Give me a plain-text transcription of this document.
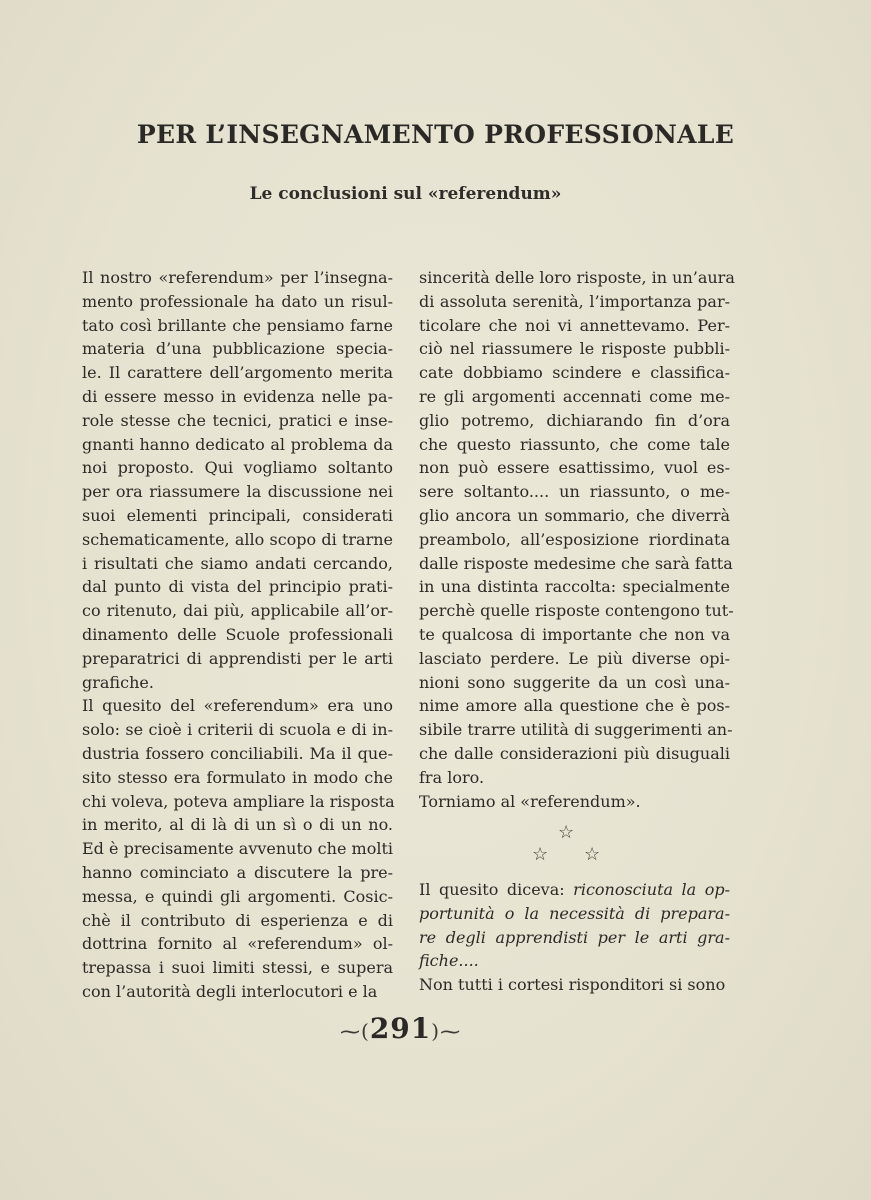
PER L’INSEGNAMENTO PROFESSIONALE
Le conclusioni sul «referendum»
Il nostro «referendum» per l’insegna-
mento professionale ha dato un risul-
tato così brillante che pensiamo farne
materia d’una pubblicazione specia-
le. Il carattere dell’argomento merita
di essere messo in evidenza nelle pa-
role stesse che tecnici, pratici e inse-
gnanti hanno dedicato al problema da
noi proposto. Qui vogliamo soltanto
per ora riassumere la discussione nei
suoi elementi principali, considerati
schematicamente, allo scopo di trarne
i risultati che siamo andati cercando,
dal punto di vista del principio prati-
co ritenuto, dai più, applicabile all’or-
dinamento delle Scuole professionali
preparatrici di apprendisti per le arti
grafiche.
Il quesito del «referendum» era uno
solo: se cioè i criterii di scuola e di in-
dustria fossero conciliabili. Ma il que-
sito stesso era formulato in modo che
chi voleva, poteva ampliare la risposta
in merito, al di là di un sì o di un no.
Ed è precisamente avvenuto che molti
hanno cominciato a discutere la pre-
messa, e quindi gli argomenti. Cosic-
chè il contributo di esperienza e di
dottrina fornito al «referendum» ol-
trepassa i suoi limiti stessi, e supera
con l’autorità degli interlocutori e la
sincerità delle loro risposte, in un’aura
di assoluta serenità, l’importanza par-
ticolare che noi vi annettevamo. Per-
ciò nel riassumere le risposte pubbli-
cate dobbiamo scindere e classifica-
re gli argomenti accennati come me-
glio potremo, dichiarando fin d’ora
che questo riassunto, che come tale
non può essere esattissimo, vuol es-
sere soltanto.... un riassunto, o me-
glio ancora un sommario, che diverrà
preambolo, all’esposizione riordinata
dalle risposte medesime che sarà fatta
in una distinta raccolta: specialmente
perchè quelle risposte contengono tut-
te qualcosa di importante che non va
lasciato perdere. Le più diverse opi-
nioni sono suggerite da un così una-
nime amore alla questione che è pos-
sibile trarre utilità di suggerimenti an-
che dalle considerazioni più disuguali
fra loro.
Torniamo al «referendum».
☆
☆ ☆
Il quesito diceva: riconosciuta la op-
portunità o la necessità di prepara-
re degli apprendisti per le arti gra-
fiche....
Non tutti i cortesi risponditori si sono
⁓(291)⁓
